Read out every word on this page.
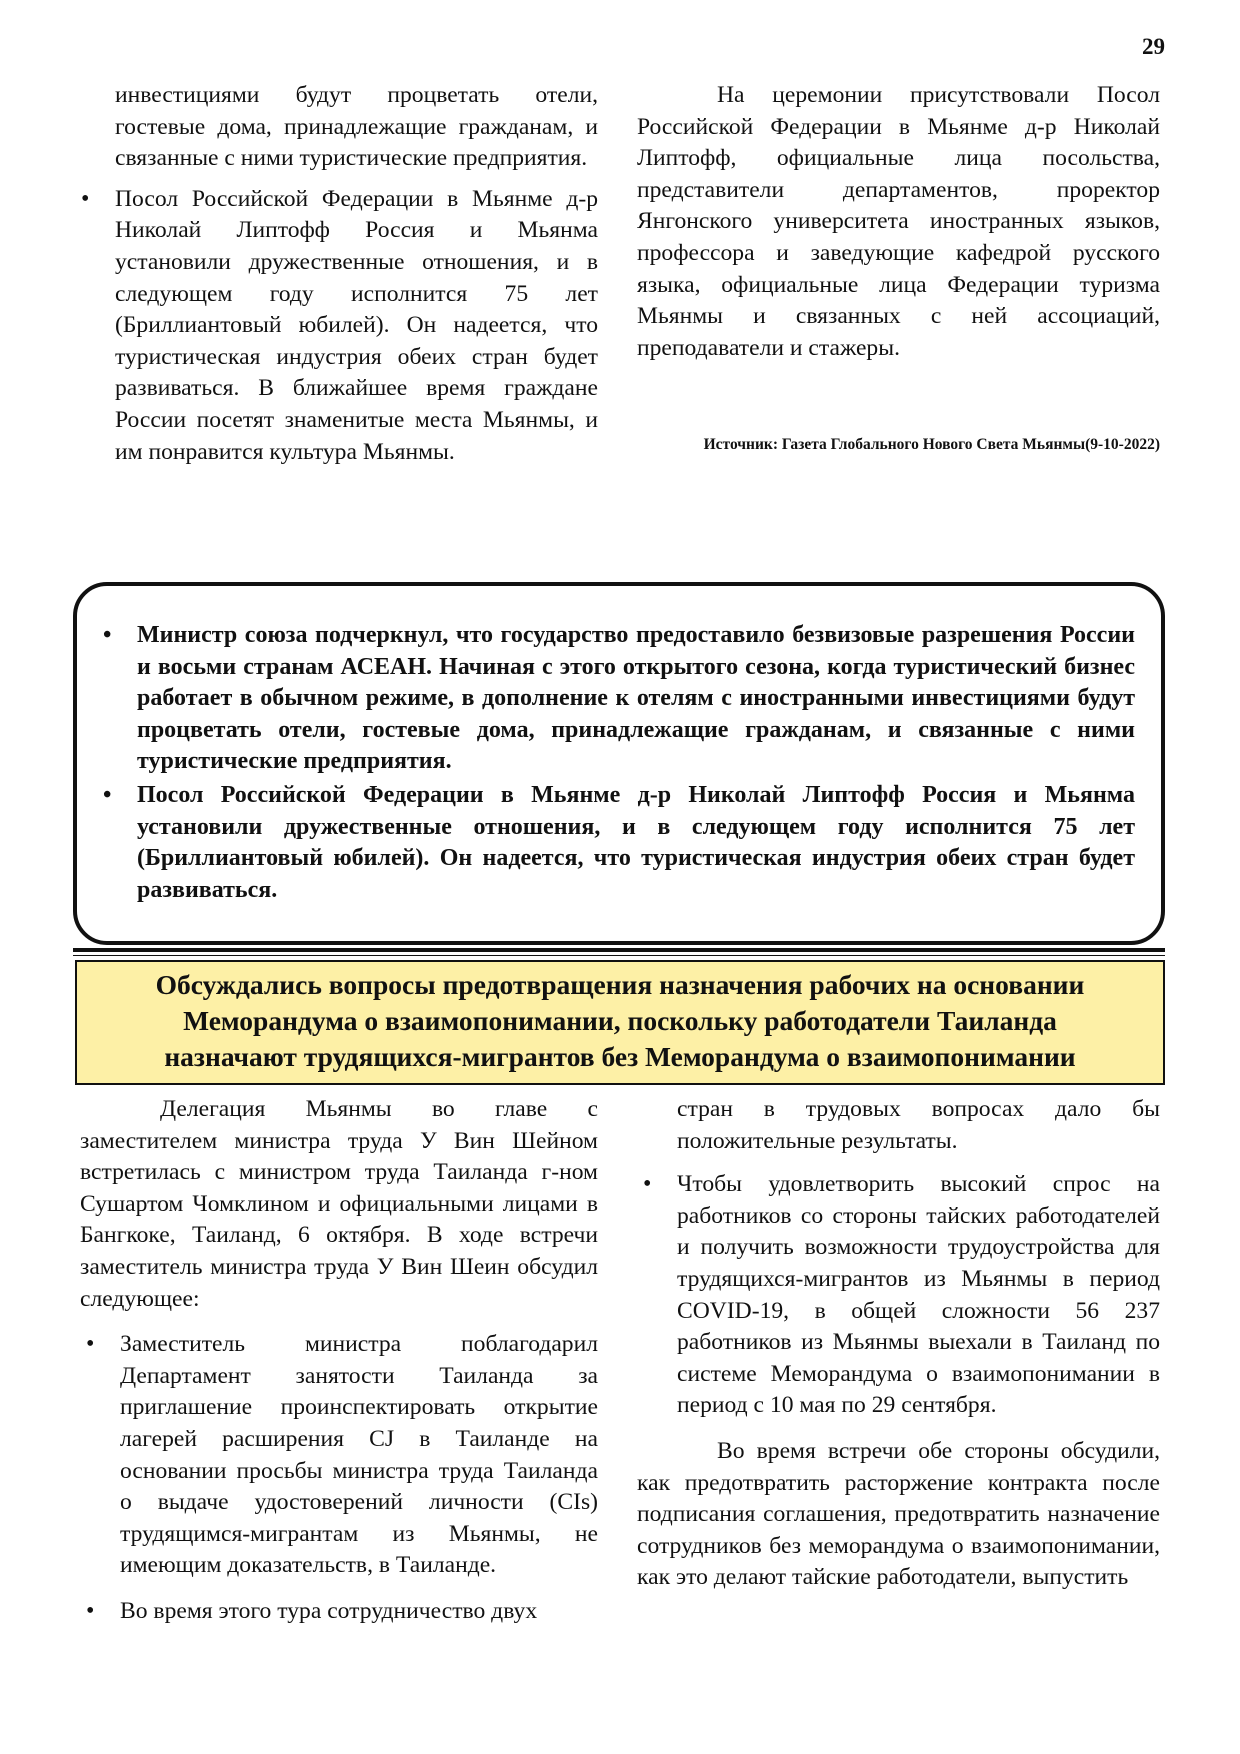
29

инвестициями будут процветать отели, гостевые дома, принадлежащие гражданам, и связанные с ними туристические предприятия.

• Посол Российской Федерации в Мьянме д-р Николай Липтофф Россия и Мьянма установили дружественные отношения, и в следующем году исполнится 75 лет (Бриллиантовый юбилей). Он надеется, что туристическая индустрия обеих стран будет развиваться. В ближайшее время граждане России посетят знаменитые места Мьянмы, и им понравится культура Мьянмы.

На церемонии присутствовали Посол Российской Федерации в Мьянме д-р Николай Липтофф, официальные лица посольства, представители департаментов, проректор Янгонского университета иностранных языков, профессора и заведующие кафедрой русского языка, официальные лица Федерации туризма Мьянмы и связанных с ней ассоциаций, преподаватели и стажеры.

Источник: Газета Глобального Нового Света Мьянмы(9-10-2022)
• Министр союза подчеркнул, что государство предоставило безвизовые разрешения России и восьми странам АСЕАН. Начиная с этого открытого сезона, когда туристический бизнес работает в обычном режиме, в дополнение к отелям с иностранными инвестициями будут процветать отели, гостевые дома, принадлежащие гражданам, и связанные с ними туристические предприятия.
• Посол Российской Федерации в Мьянме д-р Николай Липтофф Россия и Мьянма установили дружественные отношения, и в следующем году исполнится 75 лет (Бриллиантовый юбилей). Он надеется, что туристическая индустрия обеих стран будет развиваться.
Обсуждались вопросы предотвращения назначения рабочих на основании
Меморандума о взаимопонимании, поскольку работодатели Таиланда
назначают трудящихся-мигрантов без Меморандума о взаимопонимании

Делегация Мьянмы во главе с заместителем министра труда У Вин Шейном встретилась с министром труда Таиланда г-ном Сушартом Чомклином и официальными лицами в Бангкоке, Таиланд, 6 октября. В ходе встречи заместитель министра труда У Вин Шеин обсудил следующее:

• Заместитель министра поблагодарил Департамент занятости Таиланда за приглашение проинспектировать открытие лагерей расширения CJ в Таиланде на основании просьбы министра труда Таиланда о выдаче удостоверений личности (CIs) трудящимся-мигрантам из Мьянмы, не имеющим доказательств, в Таиланде.
• Во время этого тура сотрудничество двух

стран в трудовых вопросах дало бы положительные результаты.

• Чтобы удовлетворить высокий спрос на работников со стороны тайских работодателей и получить возможности трудоустройства для трудящихся-мигрантов из Мьянмы в период COVID-19, в общей сложности 56 237 работников из Мьянмы выехали в Таиланд по системе Меморандума о взаимопонимании в период с 10 мая по 29 сентября.

Во время встречи обе стороны обсудили, как предотвратить расторжение контракта после подписания соглашения, предотвратить назначение сотрудников без меморандума о взаимопонимании, как это делают тайские работодатели, выпустить
